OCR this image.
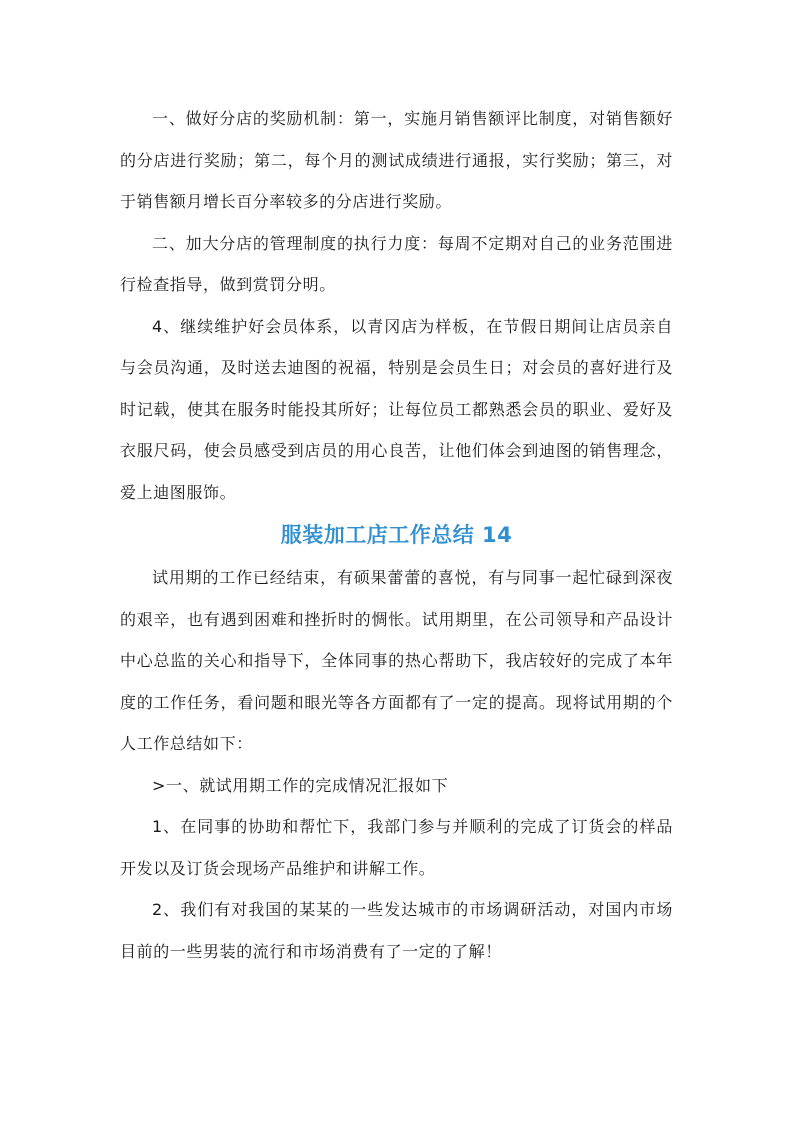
一、做好分店的奖励机制：第一，实施月销售额评比制度，对销售额好的分店进行奖励；第二，每个月的测试成绩进行通报，实行奖励；第三，对于销售额月增长百分率较多的分店进行奖励。

二、加大分店的管理制度的执行力度：每周不定期对自己的业务范围进行检查指导，做到赏罚分明。

4、继续维护好会员体系，以青冈店为样板，在节假日期间让店员亲自与会员沟通，及时送去迪图的祝福，特别是会员生日；对会员的喜好进行及时记载，使其在服务时能投其所好；让每位员工都熟悉会员的职业、爱好及衣服尺码，使会员感受到店员的用心良苦，让他们体会到迪图的销售理念，爱上迪图服饰。

服装加工店工作总结 14

试用期的工作已经结束，有硕果蕾蕾的喜悦，有与同事一起忙碌到深夜的艰辛，也有遇到困难和挫折时的惆怅。试用期里，在公司领导和产品设计中心总监的关心和指导下，全体同事的热心帮助下，我店较好的完成了本年度的工作任务，看问题和眼光等各方面都有了一定的提高。现将试用期的个人工作总结如下：

>一、就试用期工作的完成情况汇报如下

1、在同事的协助和帮忙下，我部门参与并顺利的完成了订货会的样品开发以及订货会现场产品维护和讲解工作。

2、我们有对我国的某某的一些发达城市的市场调研活动，对国内市场目前的一些男装的流行和市场消费有了一定的了解！
